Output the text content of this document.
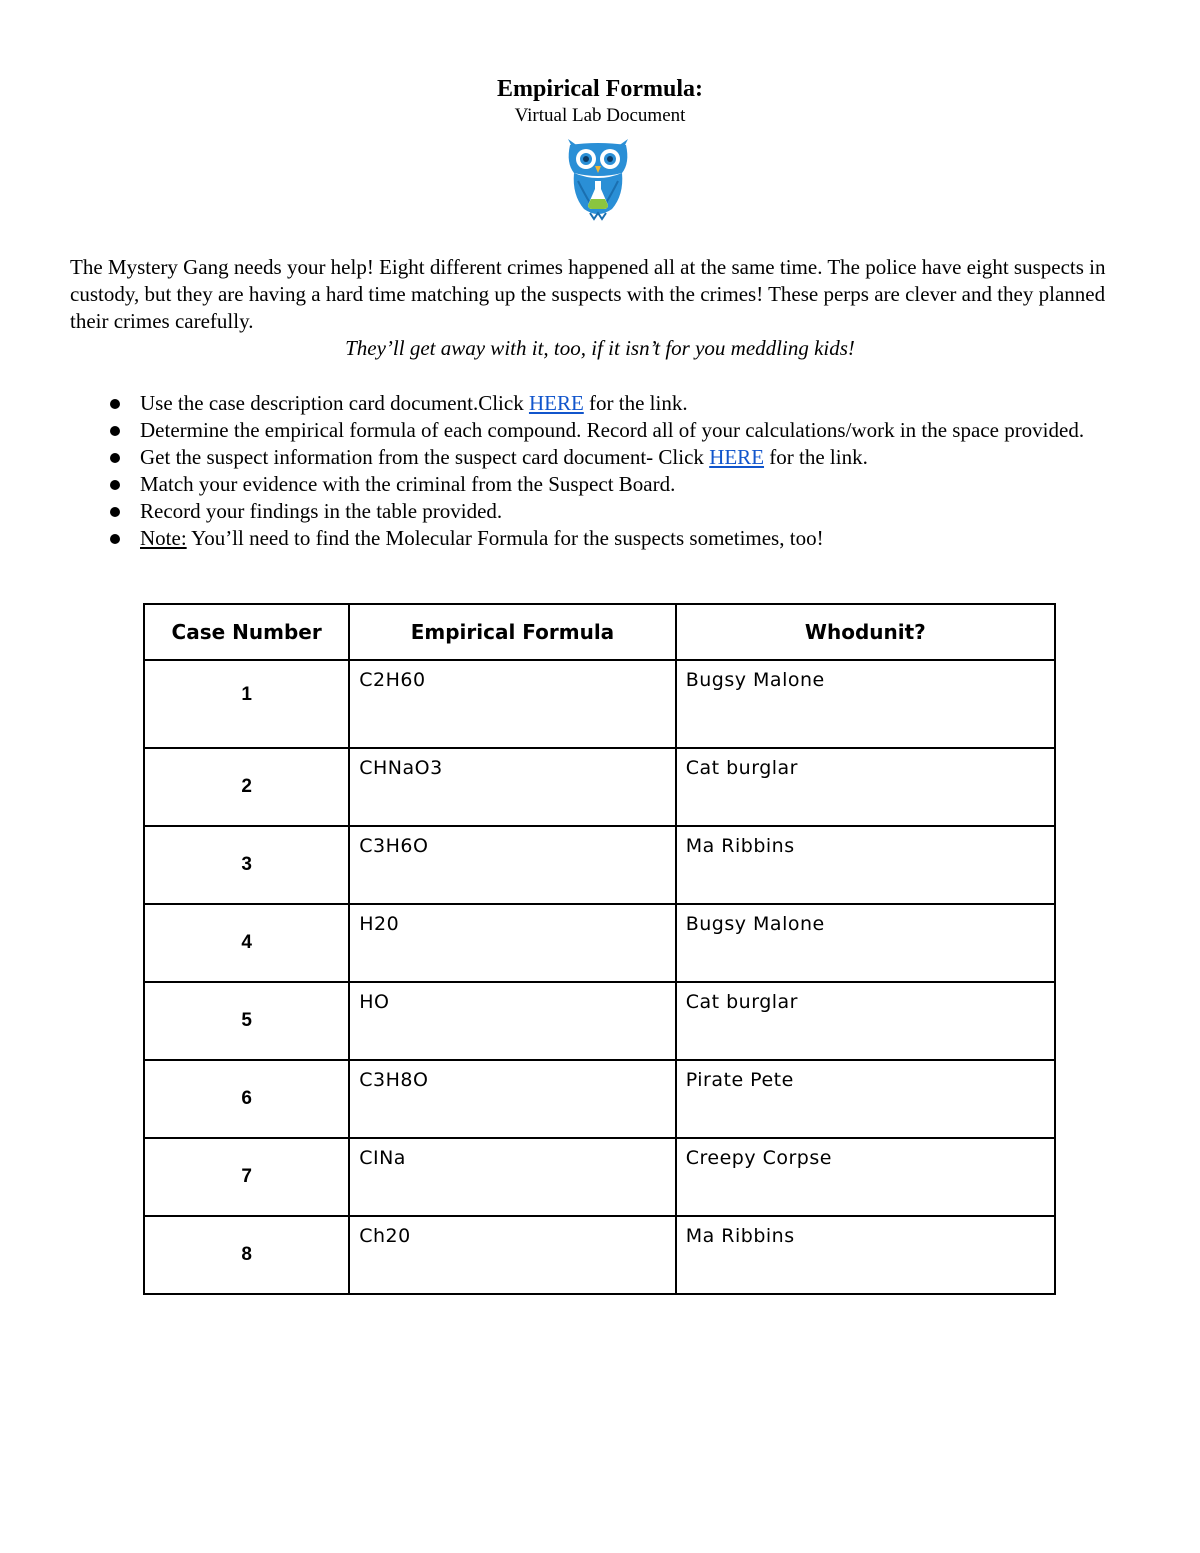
Empirical Formula:
Virtual Lab Document
The Mystery Gang needs your help! Eight different crimes happened all at the same time. The police have eight suspects in custody, but they are having a hard time matching up the suspects with the crimes! These perps are clever and they planned their crimes carefully.
They’ll get away with it, too, if it isn’t for you meddling kids!
Use the case description card document.Click HERE for the link.
Determine the empirical formula of each compound. Record all of your calculations/work in the space provided.
Get the suspect information from the suspect card document- Click HERE for the link.
Match your evidence with the criminal from the Suspect Board.
Record your findings in the table provided.
Note: You’ll need to find the Molecular Formula for the suspects sometimes, too!
Case Number	Empirical Formula	Whodunit?
1	C2H60	Bugsy Malone
2	CHNaO3	Cat burglar
3	C3H6O	Ma Ribbins
4	H20	Bugsy Malone
5	HO	Cat burglar
6	C3H8O	Pirate Pete
7	CINa	Creepy Corpse
8	Ch20	Ma Ribbins
